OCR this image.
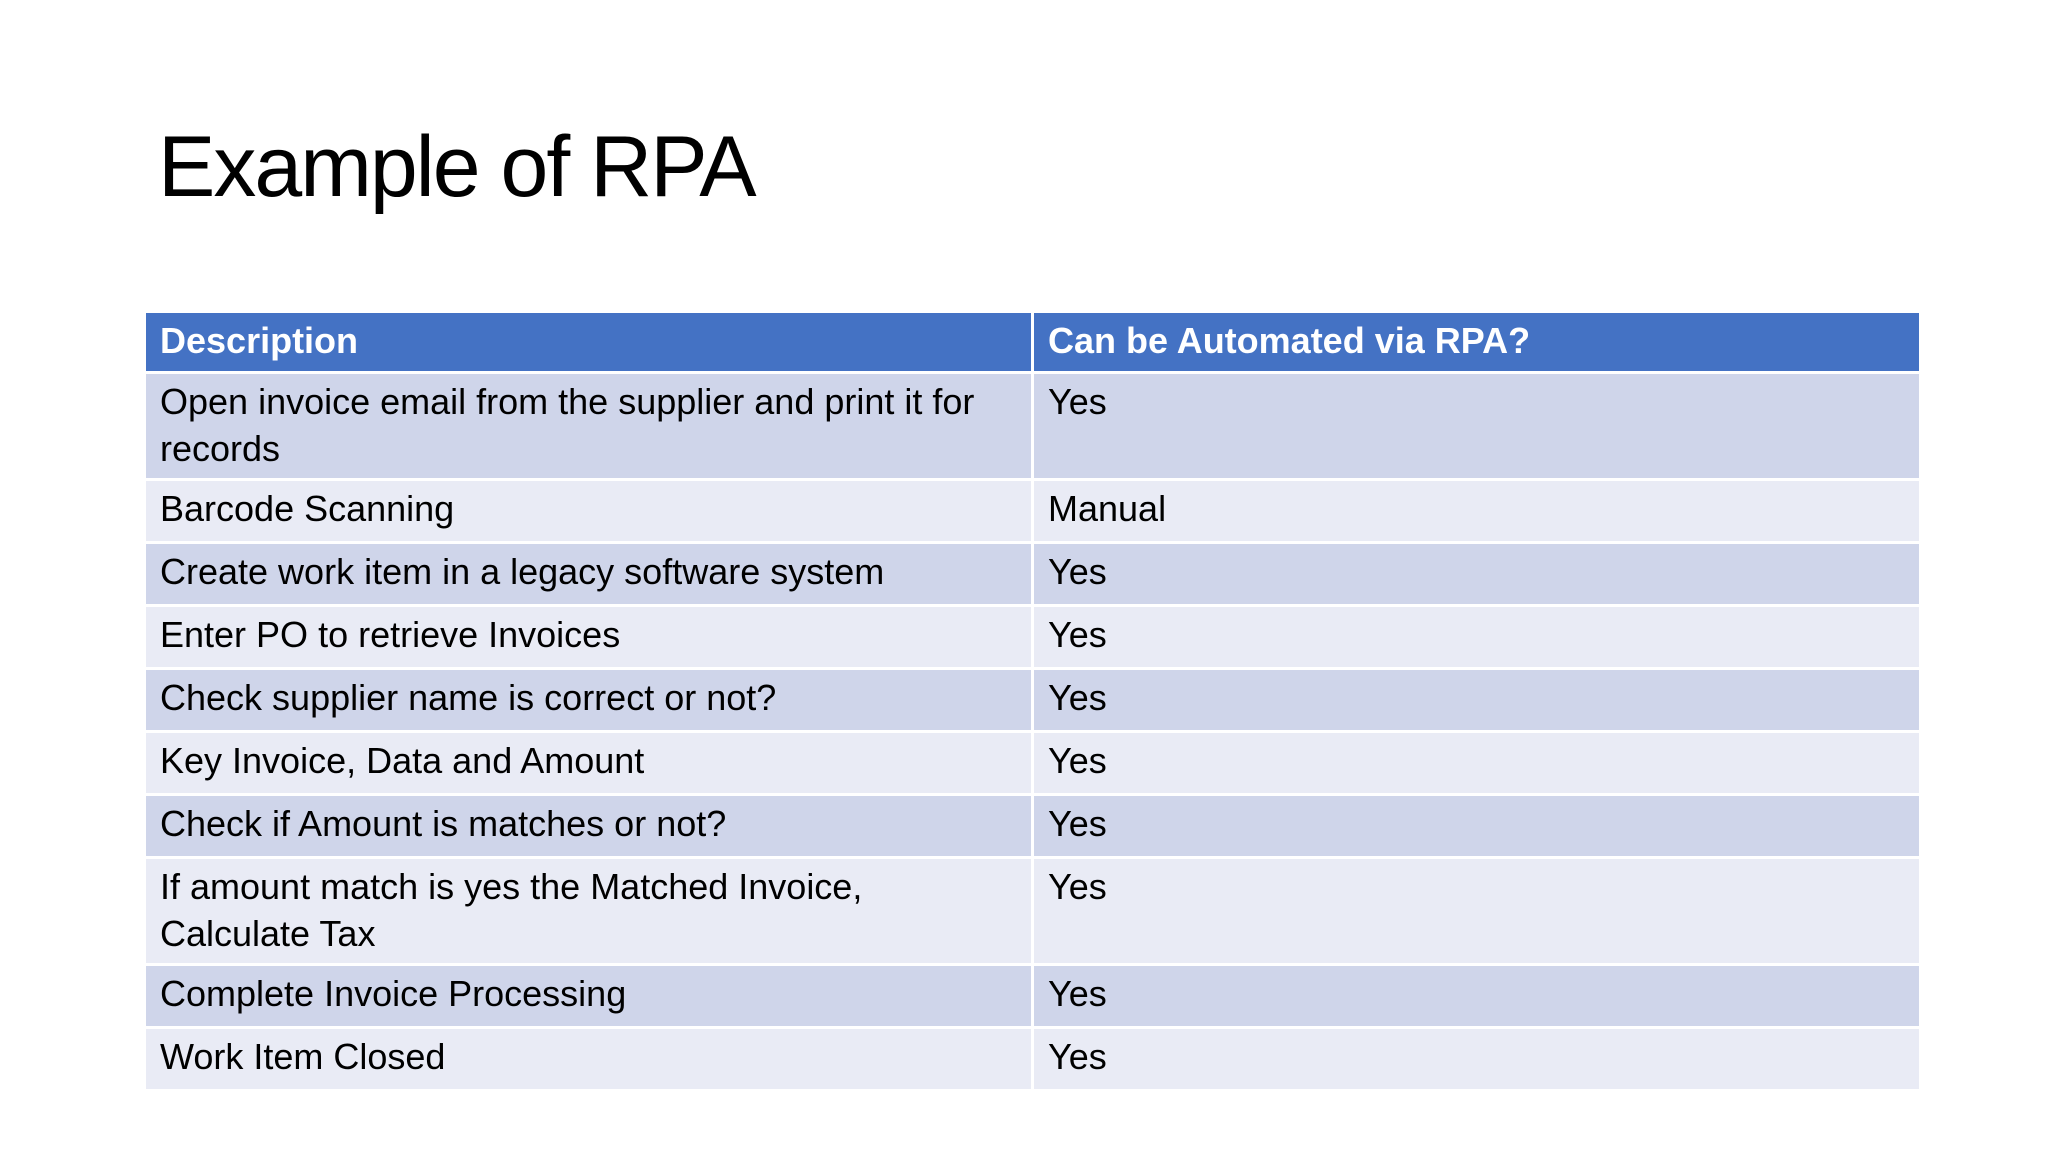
Example of RPA
Description	Can be Automated via RPA?
Open invoice email from the supplier and print it for records	Yes
Barcode Scanning	Manual
Create work item in a legacy software system	Yes
Enter PO to retrieve Invoices	Yes
Check supplier name is correct or not?	Yes
Key Invoice, Data and Amount	Yes
Check if Amount is matches or not?	Yes
If amount match is yes the Matched Invoice, Calculate Tax	Yes
Complete Invoice Processing	Yes
Work Item Closed	Yes
